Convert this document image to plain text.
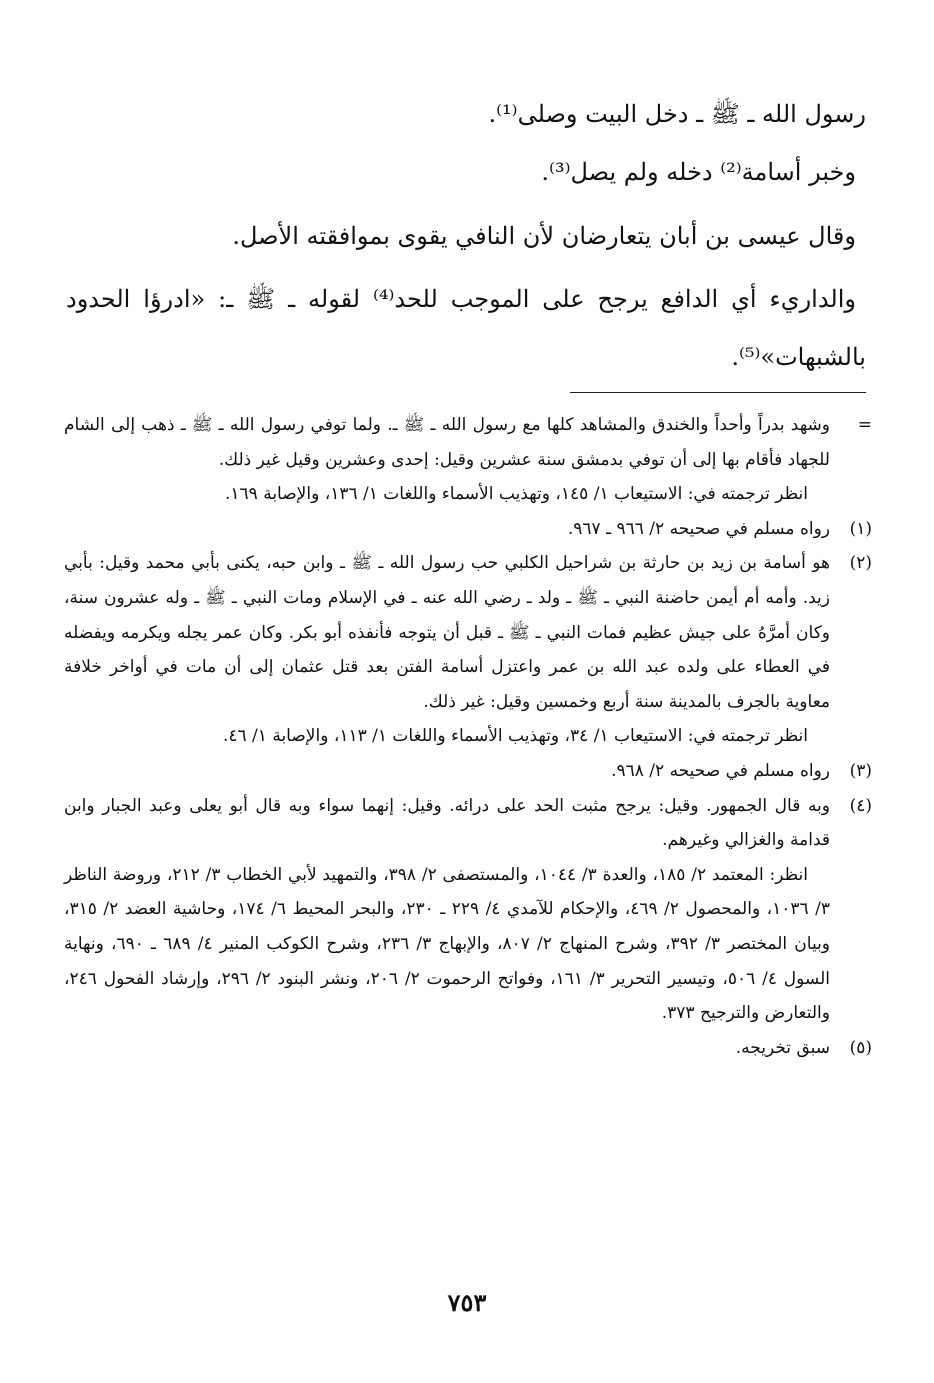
رسول الله ـ ﷺ ـ دخل البيت وصلى⁽¹⁾.

وخبر أسامة⁽²⁾ دخله ولم يصل⁽³⁾.

وقال عيسى بن أبان يتعارضان لأن النافي يقوى بموافقته الأصل.

والداريء أي الدافع يرجح على الموجب للحد⁽⁴⁾ لقوله ـ ﷺ ـ: «ادرؤا الحدود بالشبهات»⁽⁵⁾.

=
وشهد بدراً وأحداً والخندق والمشاهد كلها مع رسول الله ـ ﷺ ـ. ولما توفي رسول الله ـ ﷺ ـ ذهب إلى الشام للجهاد فأقام بها إلى أن توفي بدمشق سنة عشرين وقيل: إحدى وعشرين وقيل غير ذلك.
انظر ترجمته في: الاستيعاب ١/ ١٤٥، وتهذيب الأسماء واللغات ١/ ١٣٦، والإصابة ١٦٩.
(١)
رواه مسلم في صحيحه ٢/ ٩٦٦ ـ ٩٦٧.
(٢)
هو أسامة بن زيد بن حارثة بن شراحيل الكلبي حب رسول الله ـ ﷺ ـ وابن حبه، يكنى بأبي محمد وقيل: بأبي زيد. وأمه أم أيمن حاضنة النبي ـ ﷺ ـ ولد ـ رضي الله عنه ـ في الإسلام ومات النبي ـ ﷺ ـ وله عشرون سنة، وكان أمرَّهُ على جيش عظيم فمات النبي ـ ﷺ ـ قبل أن يتوجه فأنفذه أبو بكر. وكان عمر يجله ويكرمه ويفضله في العطاء على ولده عبد الله بن عمر واعتزل أسامة الفتن بعد قتل عثمان إلى أن مات في أواخر خلافة معاوية بالجرف بالمدينة سنة أربع وخمسين وقيل: غير ذلك.
انظر ترجمته في: الاستيعاب ١/ ٣٤، وتهذيب الأسماء واللغات ١/ ١١٣، والإصابة ١/ ٤٦.
(٣)
رواه مسلم في صحيحه ٢/ ٩٦٨.
(٤)
وبه قال الجمهور. وقيل: يرجح مثبت الحد على درائه. وقيل: إنهما سواء وبه قال أبو يعلى وعبد الجبار وابن قدامة والغزالي وغيرهم.
انظر: المعتمد ٢/ ١٨٥، والعدة ٣/ ١٠٤٤، والمستصفى ٢/ ٣٩٨، والتمهيد لأبي الخطاب ٣/ ٢١٢، وروضة الناظر ٣/ ١٠٣٦، والمحصول ٢/ ٤٦٩، والإحكام للآمدي ٤/ ٢٢٩ ـ ٢٣٠، والبحر المحيط ٦/ ١٧٤، وحاشية العضد ٢/ ٣١٥، وبيان المختصر ٣/ ٣٩٢، وشرح المنهاج ٢/ ٨٠٧، والإبهاج ٣/ ٢٣٦، وشرح الكوكب المنير ٤/ ٦٨٩ ـ ٦٩٠، ونهاية السول ٤/ ٥٠٦، وتيسير التحرير ٣/ ١٦١، وفواتح الرحموت ٢/ ٢٠٦، ونشر البنود ٢/ ٢٩٦، وإرشاد الفحول ٢٤٦، والتعارض والترجيح ٣٧٣.
(٥)
سبق تخريجه.
٧٥٣
